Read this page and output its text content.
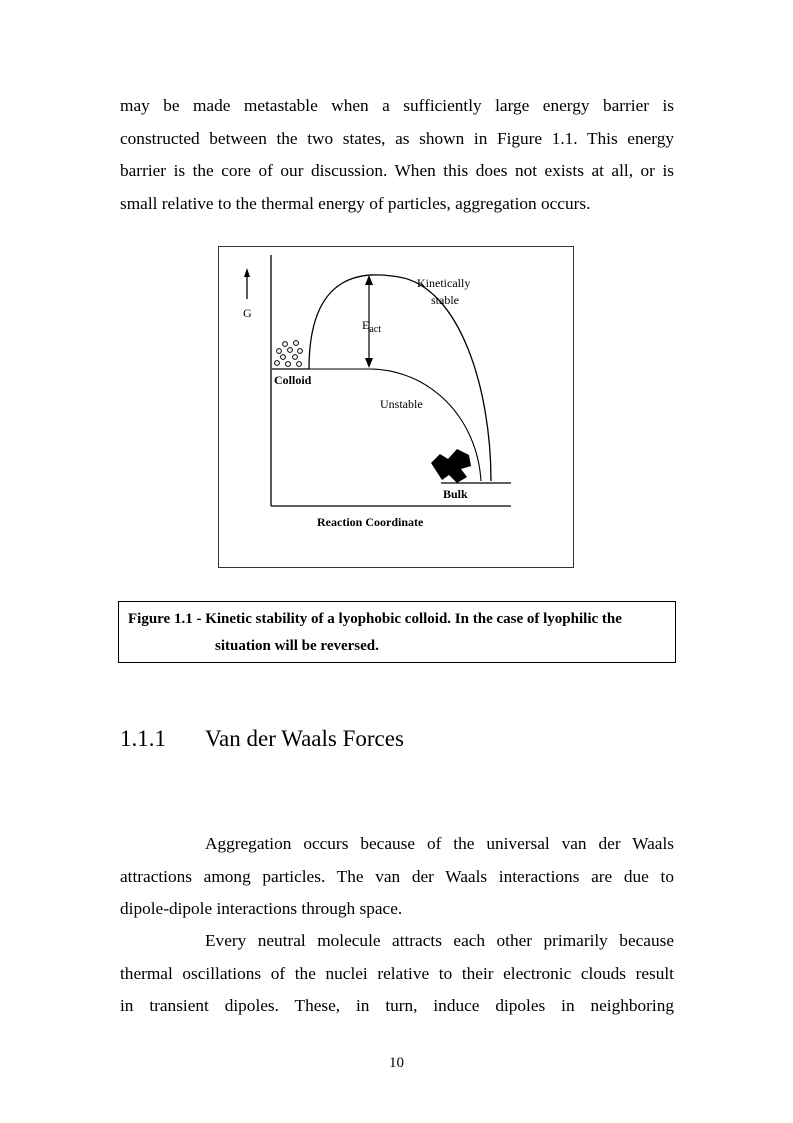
may be made metastable when a sufficiently large energy barrier is
constructed between the two states, as shown in Figure 1.1. This energy
barrier is the core of our discussion. When this does not exists at all, or is
small relative to the thermal energy of particles, aggregation occurs.
G
$E_{act}$
Kinetically
stable
Colloid
Unstable
Bulk
Reaction Coordinate
Figure 1.1 - Kinetic stability of a lyophobic colloid. In the case of lyophilic the
situation will be reversed.
1.1.1 Van der Waals Forces
Aggregation occurs because of the universal van der Waals
attractions among particles. The van der Waals interactions are due to
dipole-dipole interactions through space.
Every neutral molecule attracts each other primarily because
thermal oscillations of the nuclei relative to their electronic clouds result
in transient dipoles. These, in turn, induce dipoles in neighboring
10
